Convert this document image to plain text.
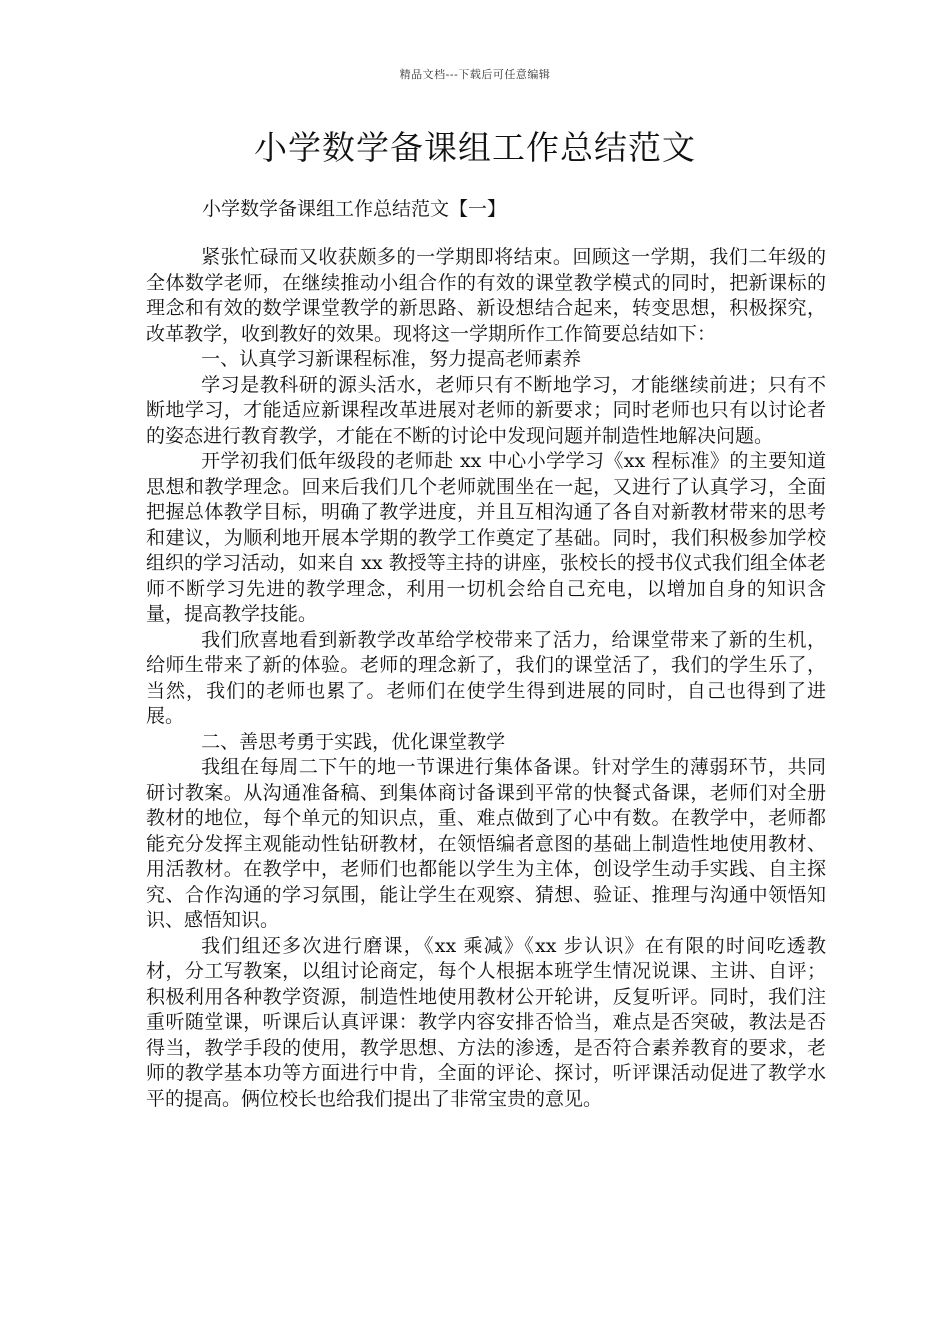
精品文档---下载后可任意编辑
小学数学备课组工作总结范文
小学数学备课组工作总结范文【一】

紧张忙碌而又收获颇多的一学期即将结束。回顾这一学期，我们二年级的全体数学老师，在继续推动小组合作的有效的课堂教学模式的同时，把新课标的理念和有效的数学课堂教学的新思路、新设想结合起来，转变思想，积极探究，改革教学，收到教好的效果。现将这一学期所作工作简要总结如下：

一、认真学习新课程标准，努力提高老师素养

学习是教科研的源头活水，老师只有不断地学习，才能继续前进；只有不断地学习，才能适应新课程改革进展对老师的新要求；同时老师也只有以讨论者的姿态进行教育教学，才能在不断的讨论中发现问题并制造性地解决问题。

开学初我们低年级段的老师赴 xx 中心小学学习《xx 程标准》的主要知道思想和教学理念。回来后我们几个老师就围坐在一起，又进行了认真学习，全面把握总体教学目标，明确了教学进度，并且互相沟通了各自对新教材带来的思考和建议，为顺利地开展本学期的教学工作奠定了基础。同时，我们积极参加学校组织的学习活动，如来自 xx 教授等主持的讲座，张校长的授书仪式我们组全体老师不断学习先进的教学理念，利用一切机会给自己充电，以增加自身的知识含量，提高教学技能。

我们欣喜地看到新教学改革给学校带来了活力，给课堂带来了新的生机，给师生带来了新的体验。老师的理念新了，我们的课堂活了，我们的学生乐了，当然，我们的老师也累了。老师们在使学生得到进展的同时，自己也得到了进展。

二、善思考勇于实践，优化课堂教学

我组在每周二下午的地一节课进行集体备课。针对学生的薄弱环节，共同研讨教案。从沟通准备稿、到集体商讨备课到平常的快餐式备课，老师们对全册教材的地位，每个单元的知识点，重、难点做到了心中有数。在教学中，老师都能充分发挥主观能动性钻研教材，在领悟编者意图的基础上制造性地使用教材、用活教材。在教学中，老师们也都能以学生为主体，创设学生动手实践、自主探究、合作沟通的学习氛围，能让学生在观察、猜想、验证、推理与沟通中领悟知识、感悟知识。

我们组还多次进行磨课，《xx 乘减》《xx 步认识》在有限的时间吃透教材，分工写教案，以组讨论商定，每个人根据本班学生情况说课、主讲、自评；积极利用各种教学资源，制造性地使用教材公开轮讲，反复听评。同时，我们注重听随堂课，听课后认真评课：教学内容安排否恰当，难点是否突破，教法是否得当，教学手段的使用，教学思想、方法的渗透，是否符合素养教育的要求，老师的教学基本功等方面进行中肯，全面的评论、探讨，听评课活动促进了教学水平的提高。俩位校长也给我们提出了非常宝贵的意见。
